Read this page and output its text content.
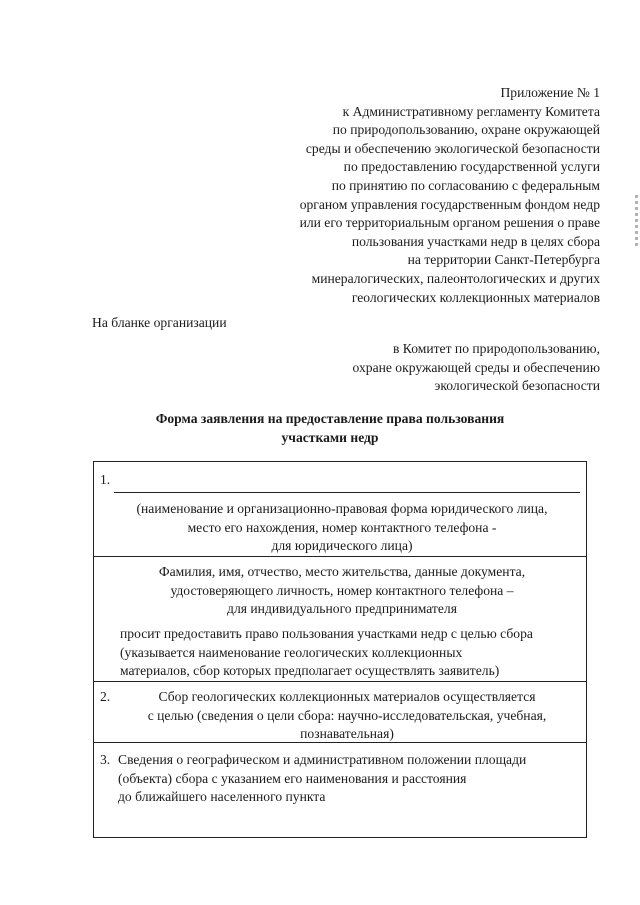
Приложение № 1
к Административному регламенту Комитета
по природопользованию, охране окружающей
среды и обеспечению экологической безопасности
по предоставлению государственной услуги
по принятию по согласованию с федеральным
органом управления государственным фондом недр
или его территориальным органом решения о праве
пользования участками недр в целях сбора
на территории Санкт-Петербурга
минералогических, палеонтологических и других
геологических коллекционных материалов
На бланке организации
в Комитет по природопользованию,
охране окружающей среды и обеспечению
экологической безопасности
Форма заявления на предоставление права пользования
участками недр
1.
(наименование и организационно-правовая форма юридического лица,
место его нахождения, номер контактного телефона -
для юридического лица)
Фамилия, имя, отчество, место жительства, данные документа,
удостоверяющего личность, номер контактного телефона –
для индивидуального предпринимателя
просит предоставить право пользования участками недр с целью сбора
(указывается наименование геологических коллекционных
материалов, сбор которых предполагает осуществлять заявитель)
2.	Сбор геологических коллекционных материалов осуществляется
с целью (сведения о цели сбора: научно-исследовательская, учебная,
познавательная)
3. Сведения о географическом и административном положении площади
(объекта) сбора с указанием его наименования и расстояния
до ближайшего населенного пункта
